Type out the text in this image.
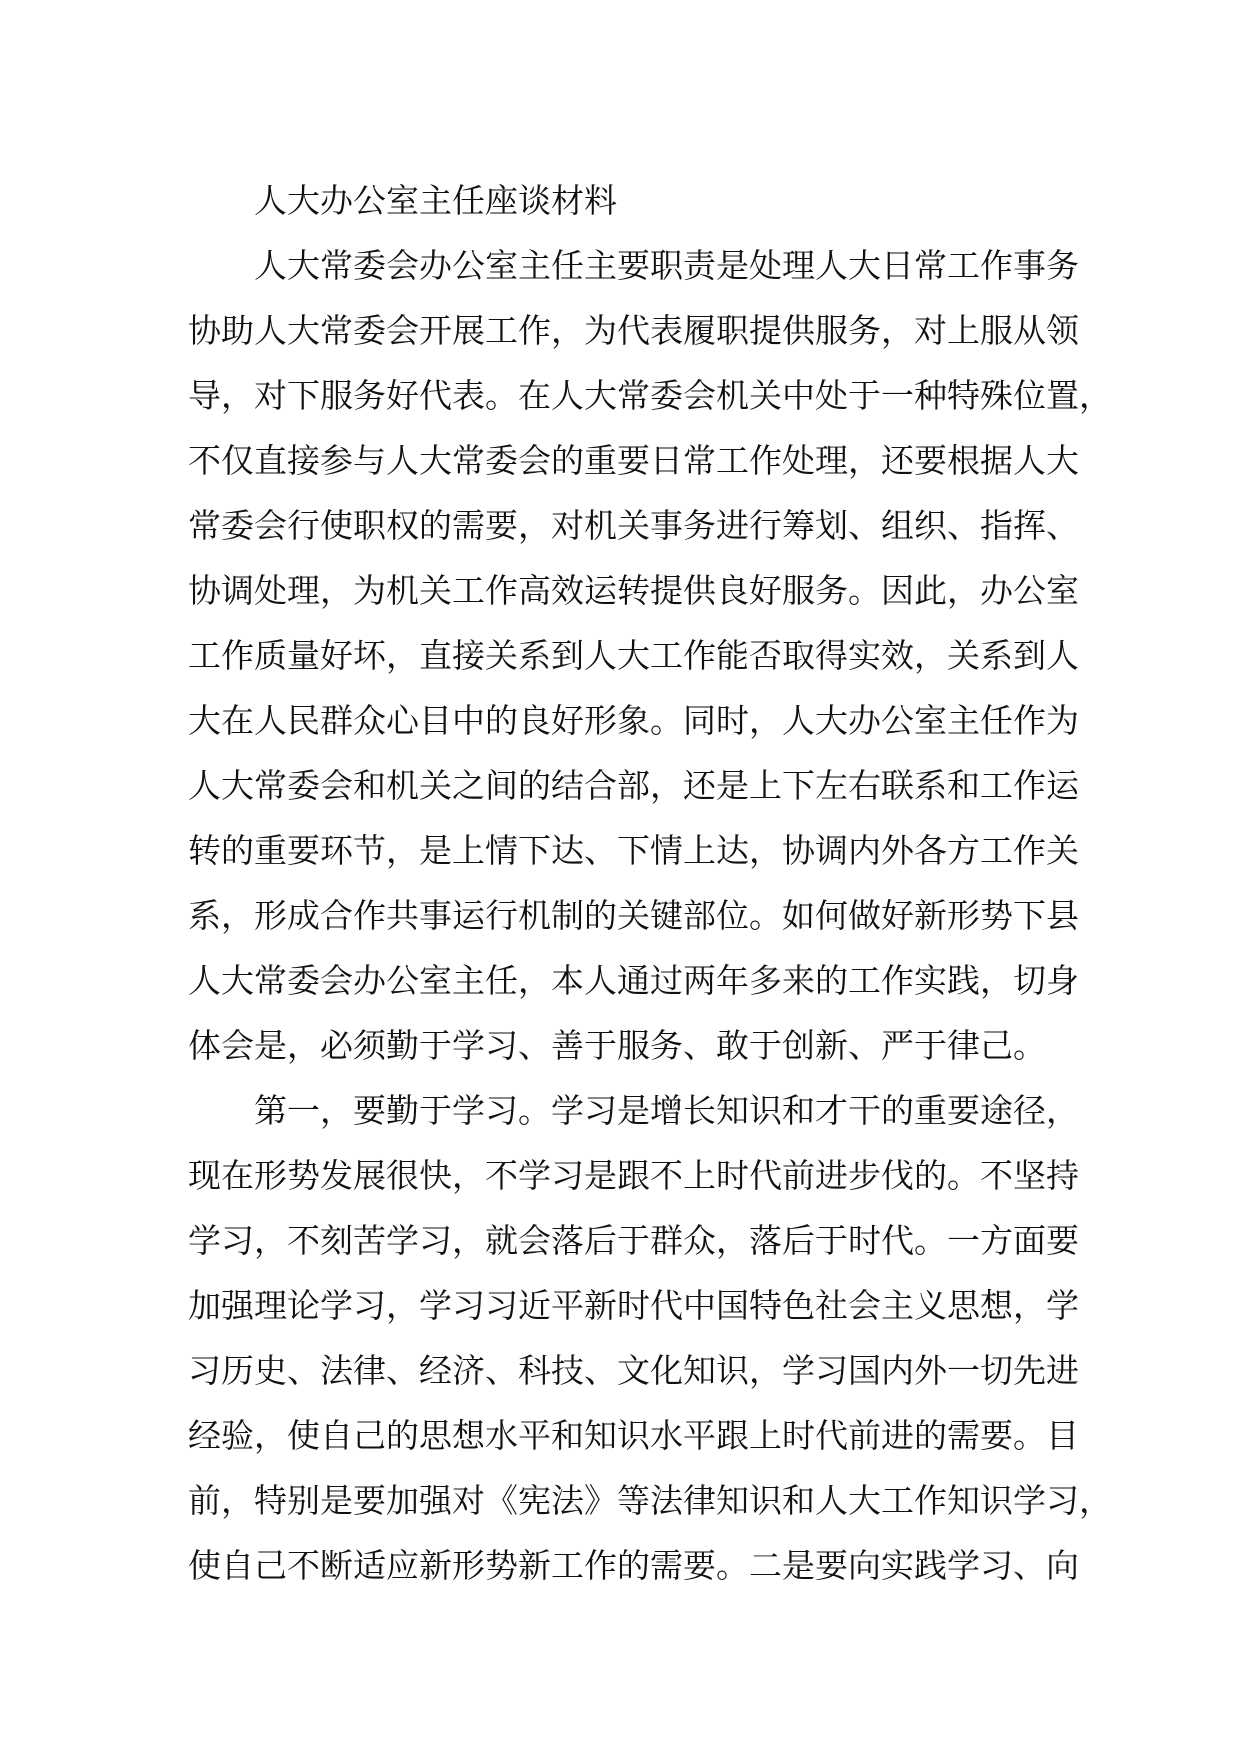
人大办公室主任座谈材料
人大常委会办公室主任主要职责是处理人大日常工作事务
协助人大常委会开展工作，为代表履职提供服务，对上服从领
导，对下服务好代表。在人大常委会机关中处于一种特殊位置，
不仅直接参与人大常委会的重要日常工作处理，还要根据人大
常委会行使职权的需要，对机关事务进行筹划、组织、指挥、
协调处理，为机关工作高效运转提供良好服务。因此，办公室
工作质量好坏，直接关系到人大工作能否取得实效，关系到人
大在人民群众心目中的良好形象。同时，人大办公室主任作为
人大常委会和机关之间的结合部，还是上下左右联系和工作运
转的重要环节，是上情下达、下情上达，协调内外各方工作关
系，形成合作共事运行机制的关键部位。如何做好新形势下县
人大常委会办公室主任，本人通过两年多来的工作实践，切身
体会是，必须勤于学习、善于服务、敢于创新、严于律己。
第一，要勤于学习。学习是增长知识和才干的重要途径，
现在形势发展很快，不学习是跟不上时代前进步伐的。不坚持
学习，不刻苦学习，就会落后于群众，落后于时代。一方面要
加强理论学习，学习习近平新时代中国特色社会主义思想，学
习历史、法律、经济、科技、文化知识，学习国内外一切先进
经验，使自己的思想水平和知识水平跟上时代前进的需要。目
前，特别是要加强对《宪法》等法律知识和人大工作知识学习，
使自己不断适应新形势新工作的需要。二是要向实践学习、向
